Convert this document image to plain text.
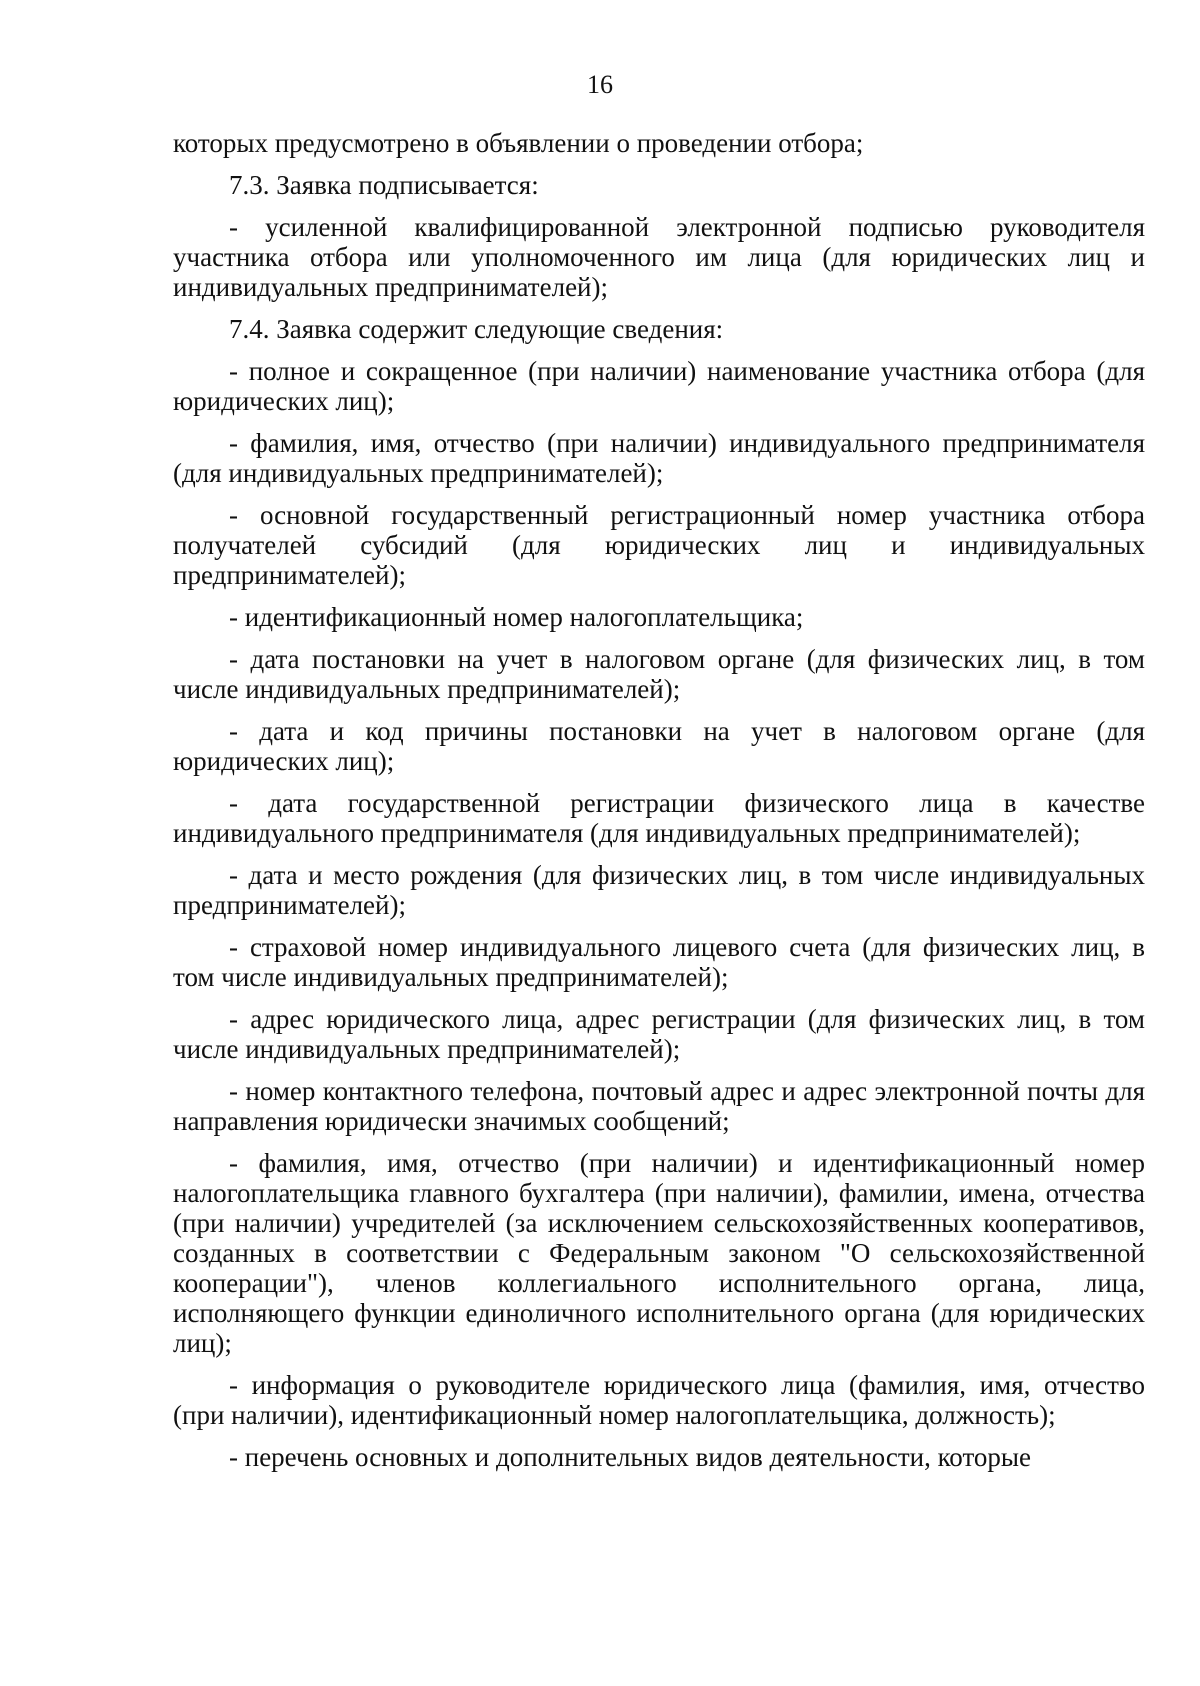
16

которых предусмотрено в объявлении о проведении отбора;

7.3. Заявка подписывается:

- усиленной квалифицированной электронной подписью руководителя участника отбора или уполномоченного им лица (для юридических лиц и индивидуальных предпринимателей);

7.4. Заявка содержит следующие сведения:

- полное и сокращенное (при наличии) наименование участника отбора (для юридических лиц);

- фамилия, имя, отчество (при наличии) индивидуального предпринимателя (для индивидуальных предпринимателей);

- основной государственный регистрационный номер участника отбора получателей субсидий (для юридических лиц и индивидуальных предпринимателей);

- идентификационный номер налогоплательщика;

- дата постановки на учет в налоговом органе (для физических лиц, в том числе индивидуальных предпринимателей);

- дата и код причины постановки на учет в налоговом органе (для юридических лиц);

- дата государственной регистрации физического лица в качестве индивидуального предпринимателя (для индивидуальных предпринимателей);

- дата и место рождения (для физических лиц, в том числе индивидуальных предпринимателей);

- страховой номер индивидуального лицевого счета (для физических лиц, в том числе индивидуальных предпринимателей);

- адрес юридического лица, адрес регистрации (для физических лиц, в том числе индивидуальных предпринимателей);

- номер контактного телефона, почтовый адрес и адрес электронной почты для направления юридически значимых сообщений;

- фамилия, имя, отчество (при наличии) и идентификационный номер налогоплательщика главного бухгалтера (при наличии), фамилии, имена, отчества (при наличии) учредителей (за исключением сельскохозяйственных кооперативов, созданных в соответствии с Федеральным законом "О сельскохозяйственной кооперации"), членов коллегиального исполнительного органа, лица, исполняющего функции единоличного исполнительного органа (для юридических лиц);

- информация о руководителе юридического лица (фамилия, имя, отчество (при наличии), идентификационный номер налогоплательщика, должность);

- перечень основных и дополнительных видов деятельности, которые
